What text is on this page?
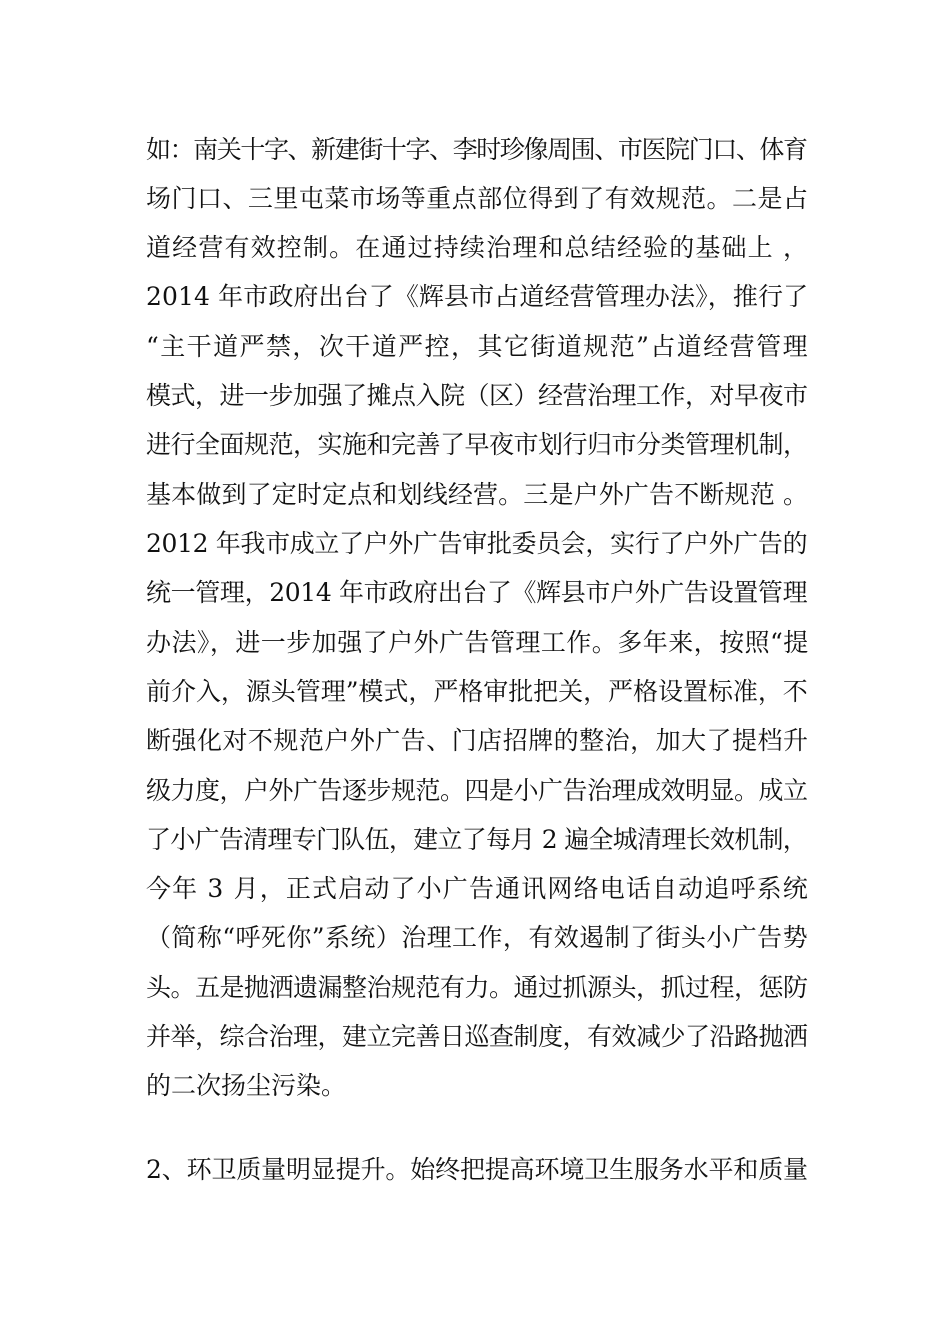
如：南关十字、新建街十字、李时珍像周围、市医院门口、体育
场门口、三里屯菜市场等重点部位得到了有效规范。二是占
道经营有效控制。在通过持续治理和总结经验的基础上 ，
2014 年市政府出台了《辉县市占道经营管理办法》，推行了
“主干道严禁，次干道严控，其它街道规范”占道经营管理
模式，进一步加强了摊点入院（区）经营治理工作，对早夜市
进行全面规范，实施和完善了早夜市划行归市分类管理机制，
基本做到了定时定点和划线经营。三是户外广告不断规范 。
2012 年我市成立了户外广告审批委员会，实行了户外广告的
统一管理，2014 年市政府出台了《辉县市户外广告设置管理
办法》，进一步加强了户外广告管理工作。多年来，按照“提
前介入，源头管理”模式，严格审批把关，严格设置标准，不
断强化对不规范户外广告、门店招牌的整治，加大了提档升
级力度，户外广告逐步规范。四是小广告治理成效明显。成立
了小广告清理专门队伍，建立了每月 2 遍全城清理长效机制，
今年 3 月，正式启动了小广告通讯网络电话自动追呼系统
（简称“呼死你”系统）治理工作，有效遏制了街头小广告势
头。五是抛洒遗漏整治规范有力。通过抓源头，抓过程，惩防
并举，综合治理，建立完善日巡查制度，有效减少了沿路抛洒
的二次扬尘污染。
2、环卫质量明显提升。始终把提高环境卫生服务水平和质量
